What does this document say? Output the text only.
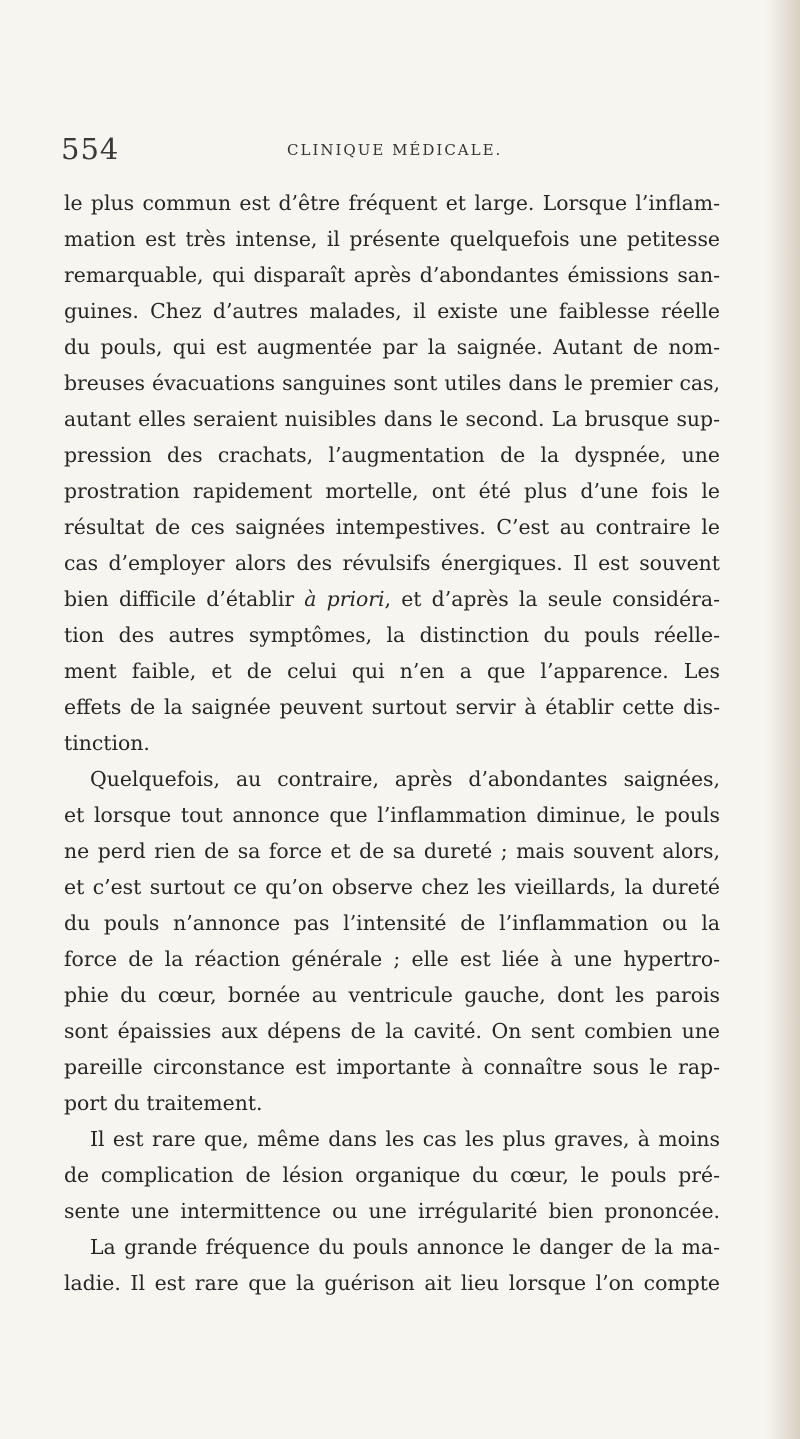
554	CLINIQUE MÉDICALE.
le plus commun est d’être fréquent et large. Lorsque l’inflam-
mation est très intense, il présente quelquefois une petitesse
remarquable, qui disparaît après d’abondantes émissions san-
guines. Chez d’autres malades, il existe une faiblesse réelle
du pouls, qui est augmentée par la saignée. Autant de nom-
breuses évacuations sanguines sont utiles dans le premier cas,
autant elles seraient nuisibles dans le second. La brusque sup-
pression des crachats, l’augmentation de la dyspnée, une
prostration rapidement mortelle, ont été plus d’une fois le
résultat de ces saignées intempestives. C’est au contraire le
cas d’employer alors des révulsifs énergiques. Il est souvent
bien difficile d’établir à priori, et d’après la seule considéra-
tion des autres symptômes, la distinction du pouls réelle-
ment faible, et de celui qui n’en a que l’apparence. Les
effets de la saignée peuvent surtout servir à établir cette dis-
tinction.
Quelquefois, au contraire, après d’abondantes saignées,
et lorsque tout annonce que l’inflammation diminue, le pouls
ne perd rien de sa force et de sa dureté ; mais souvent alors,
et c’est surtout ce qu’on observe chez les vieillards, la dureté
du pouls n’annonce pas l’intensité de l’inflammation ou la
force de la réaction générale ; elle est liée à une hypertro-
phie du cœur, bornée au ventricule gauche, dont les parois
sont épaissies aux dépens de la cavité. On sent combien une
pareille circonstance est importante à connaître sous le rap-
port du traitement.
Il est rare que, même dans les cas les plus graves, à moins
de complication de lésion organique du cœur, le pouls pré-
sente une intermittence ou une irrégularité bien prononcée.
La grande fréquence du pouls annonce le danger de la ma-
ladie. Il est rare que la guérison ait lieu lorsque l’on compte
